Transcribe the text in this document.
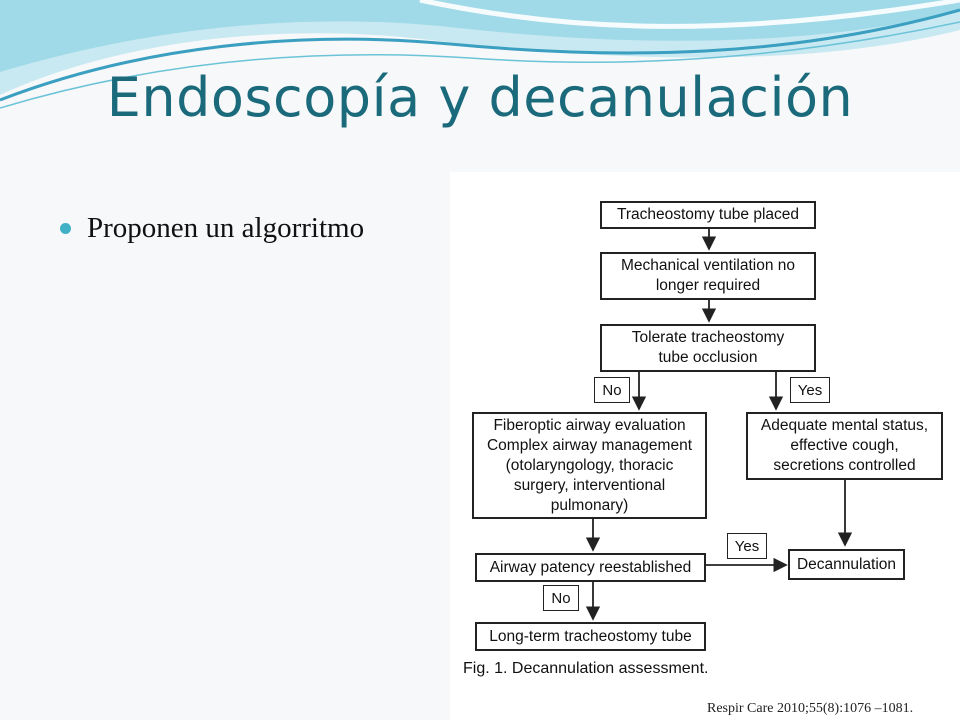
Endoscopía y decanulación
Proponen un algorritmo	Tracheostomy tube placed
Mechanical ventilation no
longer required
Tolerate tracheostomy
tube occlusion
No	Yes
Fiberoptic airway evaluation
Complex airway management
(otolaryngology, thoracic
surgery, interventional
pulmonary)
Adequate mental status,
effective cough,
secretions controlled
Yes
Airway patency reestablished	Decannulation
No
Long-term tracheostomy tube
Fig. 1. Decannulation assessment.
Respir Care 2010;55(8):1076 –1081.
